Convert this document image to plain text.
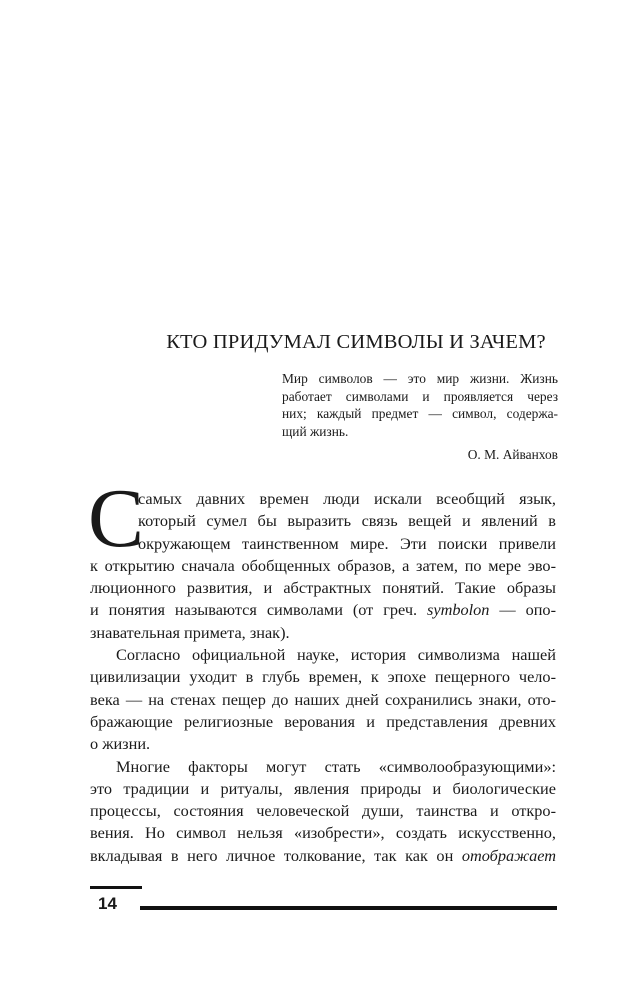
КТО ПРИДУМАЛ СИМВОЛЫ И ЗАЧЕМ?
Мир символов — это мир жизни. Жизнь
работает символами и проявляется через
них; каждый предмет — символ, содержа-
щий жизнь.
О. М. Айванхов
С
самых давних времен люди искали всеобщий язык,
который сумел бы выразить связь вещей и явлений в
окружающем таинственном мире. Эти поиски привели
к открытию сначала обобщенных образов, а затем, по мере эво-
люционного развития, и абстрактных понятий. Такие образы
и понятия называются символами (от греч. symbolon — опо-
знавательная примета, знак).
Согласно официальной науке, история символизма нашей
цивилизации уходит в глубь времен, к эпохе пещерного чело-
века — на стенах пещер до наших дней сохранились знаки, ото-
бражающие религиозные верования и представления древних
о жизни.
Многие факторы могут стать «символообразующими»:
это традиции и ритуалы, явления природы и биологические
процессы, состояния человеческой души, таинства и откро-
вения. Но символ нельзя «изобрести», создать искусственно,
вкладывая в него личное толкование, так как он отображает
14
